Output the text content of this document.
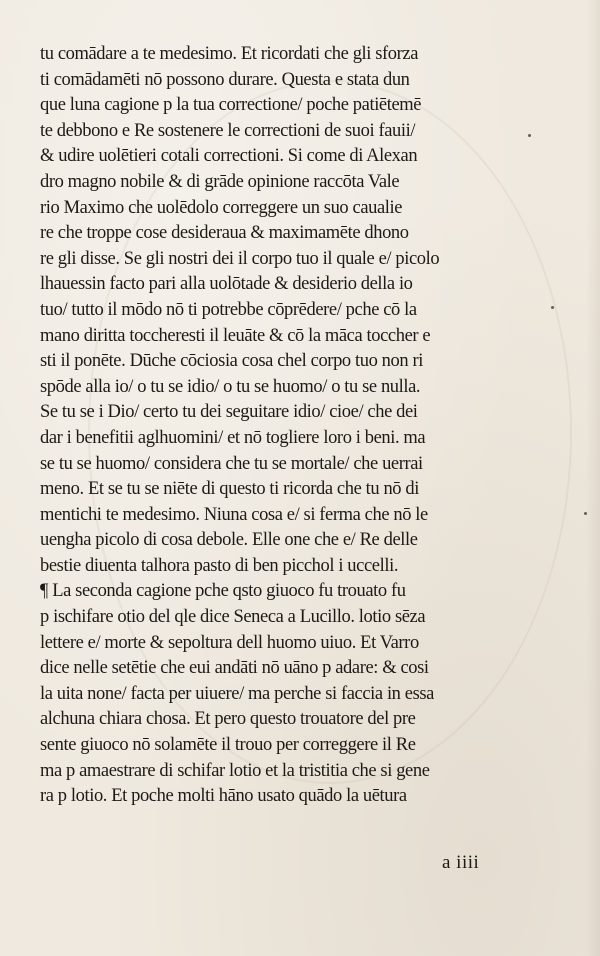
tu comādare a te medesimo. Et ricordati che gli sforza
ti comādamēti nō possono durare. Questa e stata dun
que luna cagione p la tua correctione/ poche patiētemē
te debbono e Re sostenere le correctioni de suoi fauii/
& udire uolētieri cotali correctioni. Si come di Alexan
dro magno nobile & di grāde opinione raccōta Vale
rio Maximo che uolēdolo correggere un suo caualie
re che troppe cose desideraua & maximamēte dhono
re gli disse. Se gli nostri dei il corpo tuo il quale e/ picolo
lhauessin facto pari alla uolōtade & desiderio della io
tuo/ tutto il mōdo nō ti potrebbe cōprēdere/ pche cō la
mano diritta toccheresti il leuāte & cō la māca toccher e
sti il ponēte. Dūche cōciosia cosa chel corpo tuo non ri
spōde alla io/ o tu se idio/ o tu se huomo/ o tu se nulla.
Se tu se i Dio/ certo tu dei seguitare idio/ cioe/ che dei
dar i benefitii aglhuomini/ et nō togliere loro i beni. ma
se tu se huomo/ considera che tu se mortale/ che uerrai
meno. Et se tu se niēte di questo ti ricorda che tu nō di
mentichi te medesimo. Niuna cosa e/ si ferma che nō le
uengha picolo di cosa debole. Elle one che e/ Re delle
bestie diuenta talhora pasto di ben picchol i uccelli.
¶ La seconda cagione pche qsto giuoco fu trouato fu
p ischifare otio del qle dice Seneca a Lucillo. lotio sēza
lettere e/ morte & sepoltura dell huomo uiuo. Et Varro
dice nelle setētie che eui andāti nō uāno p adare: & cosi
la uita none/ facta per uiuere/ ma perche si faccia in essa
alchuna chiara chosa. Et pero questo trouatore del pre
sente giuoco nō solamēte il trouo per correggere il Re
ma p amaestrare di schifar lotio et la tristitia che si gene
ra p lotio. Et poche molti hāno usato quādo la uētura
a iiii
